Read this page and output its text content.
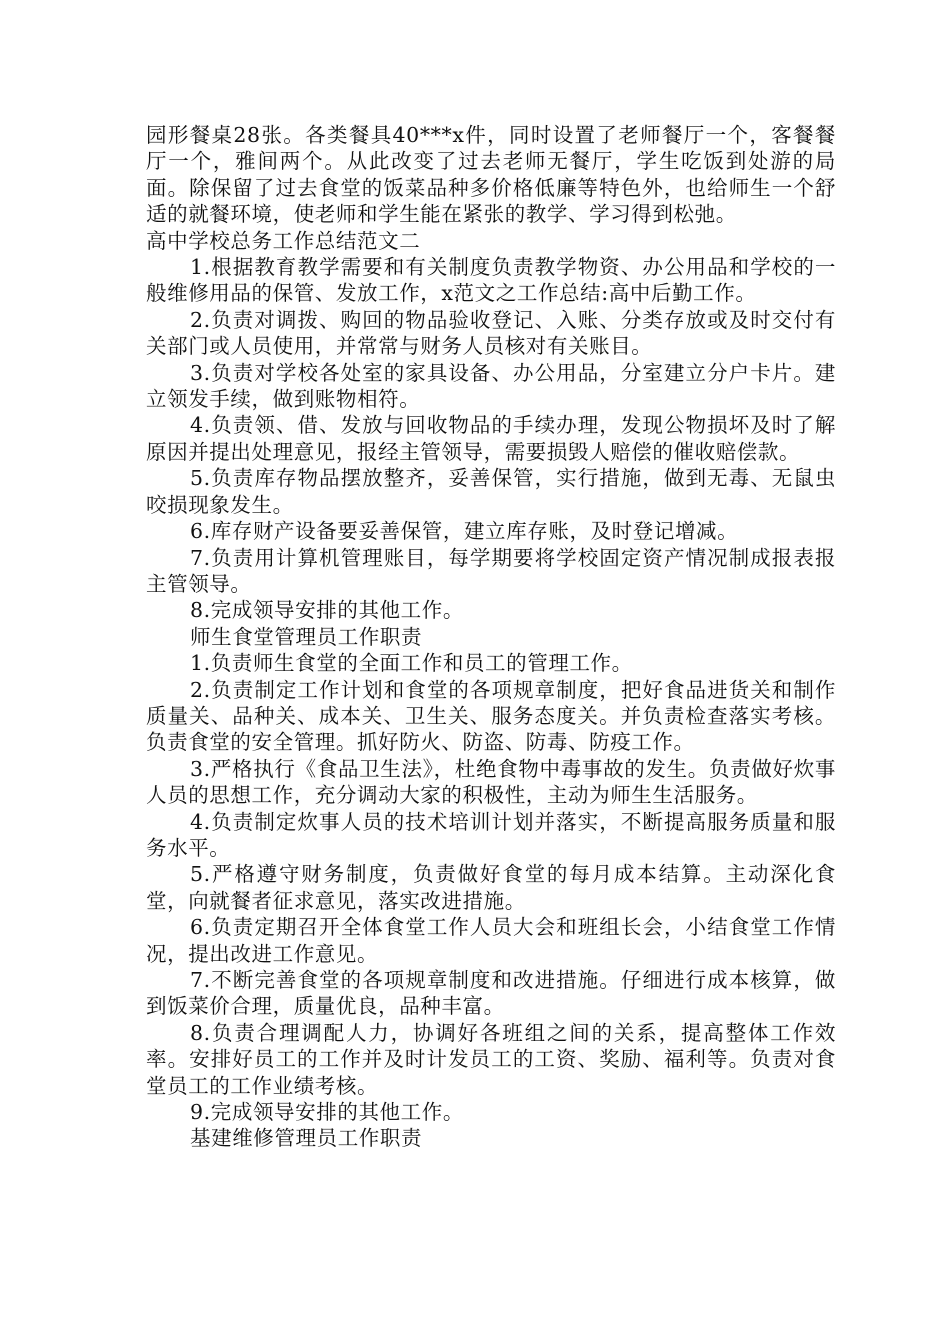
园形餐桌28张。各类餐具40***x件，同时设置了老师餐厅一个，客餐餐厅一个，雅间两个。从此改变了过去老师无餐厅，学生吃饭到处游的局面。除保留了过去食堂的饭菜品种多价格低廉等特色外，也给师生一个舒适的就餐环境，使老师和学生能在紧张的教学、学习得到松弛。

高中学校总务工作总结范文二

1.根据教育教学需要和有关制度负责教学物资、办公用品和学校的一般维修用品的保管、发放工作，x范文之工作总结:高中后勤工作。

2.负责对调拨、购回的物品验收登记、入账、分类存放或及时交付有关部门或人员使用，并常常与财务人员核对有关账目。

3.负责对学校各处室的家具设备、办公用品，分室建立分户卡片。建立领发手续，做到账物相符。

4.负责领、借、发放与回收物品的手续办理，发现公物损坏及时了解原因并提出处理意见，报经主管领导，需要损毁人赔偿的催收赔偿款。

5.负责库存物品摆放整齐，妥善保管，实行措施，做到无毒、无鼠虫咬损现象发生。

6.库存财产设备要妥善保管，建立库存账，及时登记增减。

7.负责用计算机管理账目，每学期要将学校固定资产情况制成报表报主管领导。

8.完成领导安排的其他工作。

师生食堂管理员工作职责

1.负责师生食堂的全面工作和员工的管理工作。

2.负责制定工作计划和食堂的各项规章制度，把好食品进货关和制作质量关、品种关、成本关、卫生关、服务态度关。并负责检查落实考核。负责食堂的安全管理。抓好防火、防盗、防毒、防疫工作。

3.严格执行《食品卫生法》，杜绝食物中毒事故的发生。负责做好炊事人员的思想工作，充分调动大家的积极性，主动为师生生活服务。

4.负责制定炊事人员的技术培训计划并落实，不断提高服务质量和服务水平。

5.严格遵守财务制度，负责做好食堂的每月成本结算。主动深化食堂，向就餐者征求意见，落实改进措施。

6.负责定期召开全体食堂工作人员大会和班组长会，小结食堂工作情况，提出改进工作意见。

7.不断完善食堂的各项规章制度和改进措施。仔细进行成本核算，做到饭菜价合理，质量优良，品种丰富。

8.负责合理调配人力，协调好各班组之间的关系，提高整体工作效率。安排好员工的工作并及时计发员工的工资、奖励、福利等。负责对食堂员工的工作业绩考核。

9.完成领导安排的其他工作。

基建维修管理员工作职责
